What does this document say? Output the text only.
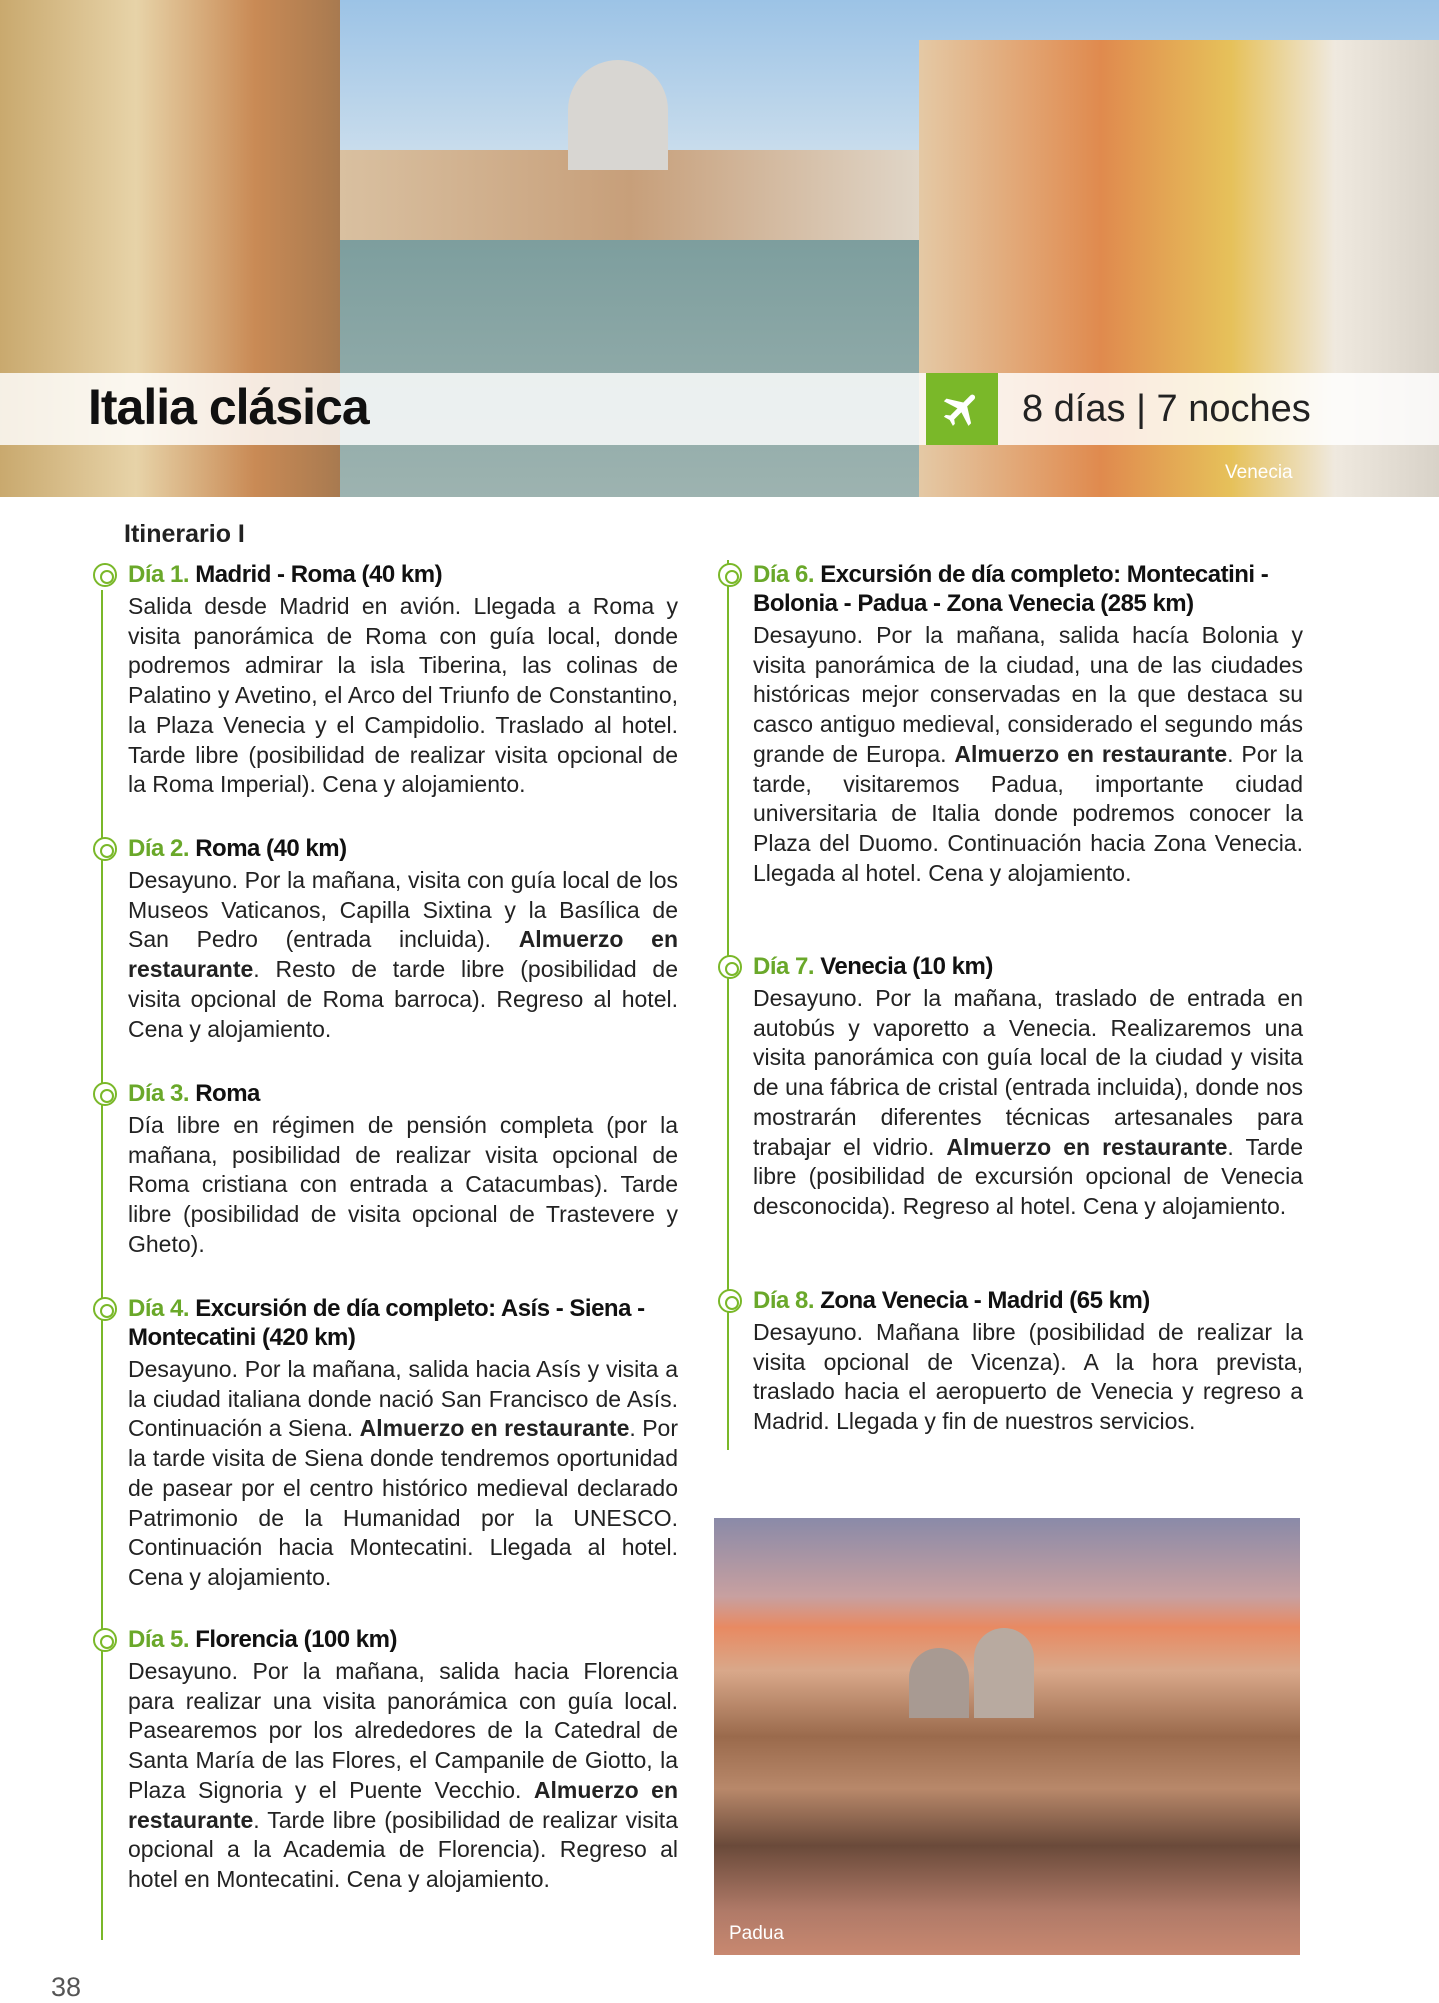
Italia clásica	8 días | 7 noches
Venecia
Itinerario I
Día 1. Madrid - Roma (40 km)

Salida desde Madrid en avión. Llegada a Roma y visita panorámica de Roma con guía local, donde podremos admirar la isla Tiberina, las colinas de Palatino y Avetino, el Arco del Triunfo de Constantino, la Plaza Venecia y el Campidolio. Traslado al hotel. Tarde libre (posibilidad de realizar visita opcional de la Roma Imperial). Cena y alojamiento.

Día 2. Roma (40 km)

Desayuno. Por la mañana, visita con guía local de los Museos Vaticanos, Capilla Sixtina y la Basílica de San Pedro (entrada incluida). Almuerzo en restaurante. Resto de tarde libre (posibilidad de visita opcional de Roma barroca). Regreso al hotel. Cena y alojamiento.

Día 3. Roma

Día libre en régimen de pensión completa (por la mañana, posibilidad de realizar visita opcional de Roma cristiana con entrada a Catacumbas). Tarde libre (posibilidad de visita opcional de Trastevere y Gheto).

Día 4. Excursión de día completo: Asís - Siena - Montecatini (420 km)

Desayuno. Por la mañana, salida hacia Asís y visita a la ciudad italiana donde nació San Francisco de Asís. Continuación a Siena. Almuerzo en restaurante. Por la tarde visita de Siena donde tendremos oportunidad de pasear por el centro histórico medieval declarado Patrimonio de la Humanidad por la UNESCO. Continuación hacia Montecatini. Llegada al hotel. Cena y alojamiento.

Día 5. Florencia (100 km)

Desayuno. Por la mañana, salida hacia Florencia para realizar una visita panorámica con guía local. Pasearemos por los alrededores de la Catedral de Santa María de las Flores, el Campanile de Giotto, la Plaza Signoria y el Puente Vecchio. Almuerzo en restaurante. Tarde libre (posibilidad de realizar visita opcional a la Academia de Florencia). Regreso al hotel en Montecatini. Cena y alojamiento.

Día 6. Excursión de día completo: Montecatini - Bolonia - Padua - Zona Venecia (285 km)

Desayuno. Por la mañana, salida hacía Bolonia y visita panorámica de la ciudad, una de las ciudades históricas mejor conservadas en la que destaca su casco antiguo medieval, considerado el segundo más grande de Europa. Almuerzo en restaurante. Por la tarde, visitaremos Padua, importante ciudad universitaria de Italia donde podremos conocer la Plaza del Duomo. Continuación hacia Zona Venecia. Llegada al hotel. Cena y alojamiento.

Día 7. Venecia (10 km)

Desayuno. Por la mañana, traslado de entrada en autobús y vaporetto a Venecia. Realizaremos una visita panorámica con guía local de la ciudad y visita de una fábrica de cristal (entrada incluida), donde nos mostrarán diferentes técnicas artesanales para trabajar el vidrio. Almuerzo en restaurante. Tarde libre (posibilidad de excursión opcional de Venecia desconocida). Regreso al hotel. Cena y alojamiento.

Día 8. Zona Venecia - Madrid (65 km)

Desayuno. Mañana libre (posibilidad de realizar la visita opcional de Vicenza). A la hora prevista, traslado hacia el aeropuerto de Venecia y regreso a Madrid. Llegada y fin de nuestros servicios.

Padua
38
